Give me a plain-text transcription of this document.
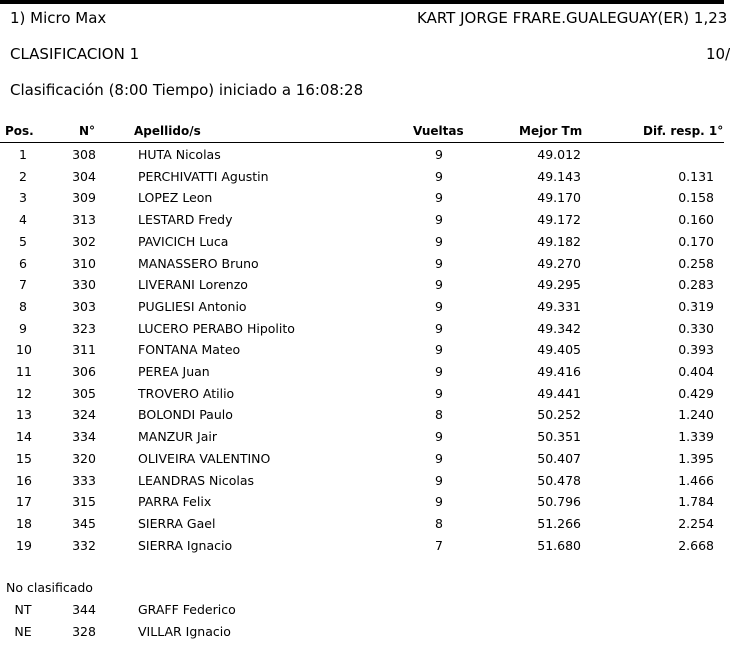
1) Micro Max	KART JORGE FRARE.GUALEGUAY(ER) 1,23
CLASIFICACION 1	10/
Clasificación (8:00 Tiempo) iniciado a 16:08:28
Pos.	N°	Apellido/s	Vueltas	Mejor Tm	Dif. resp. 1°
1	308	HUTA Nicolas	9	49.012
2	304	PERCHIVATTI Agustin	9	49.143	0.131
3	309	LOPEZ Leon	9	49.170	0.158
4	313	LESTARD Fredy	9	49.172	0.160
5	302	PAVICICH Luca	9	49.182	0.170
6	310	MANASSERO Bruno	9	49.270	0.258
7	330	LIVERANI Lorenzo	9	49.295	0.283
8	303	PUGLIESI Antonio	9	49.331	0.319
9	323	LUCERO PERABO Hipolito	9	49.342	0.330
10	311	FONTANA Mateo	9	49.405	0.393
11	306	PEREA Juan	9	49.416	0.404
12	305	TROVERO Atilio	9	49.441	0.429
13	324	BOLONDI Paulo	8	50.252	1.240
14	334	MANZUR Jair	9	50.351	1.339
15	320	OLIVEIRA VALENTINO	9	50.407	1.395
16	333	LEANDRAS Nicolas	9	50.478	1.466
17	315	PARRA Felix	9	50.796	1.784
18	345	SIERRA Gael	8	51.266	2.254
19	332	SIERRA Ignacio	7	51.680	2.668
No clasificado
NT	344	GRAFF Federico
NE	328	VILLAR Ignacio
